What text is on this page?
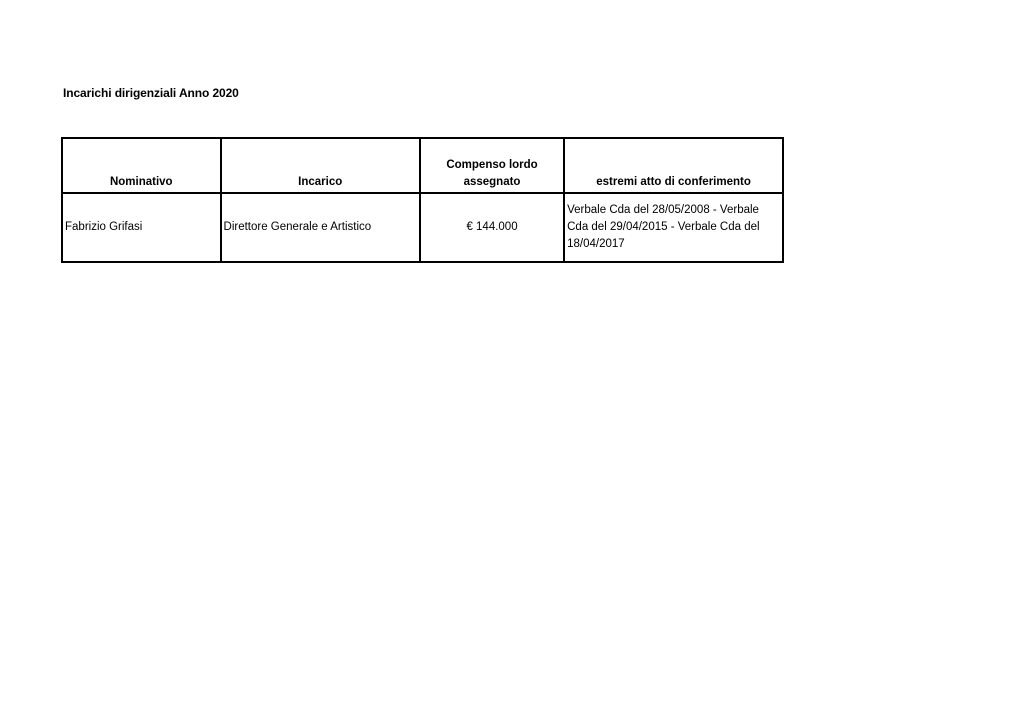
Incarichi dirigenziali Anno 2020
Nominativo	Incarico	Compenso lordo assegnato	estremi atto di conferimento
Fabrizio Grifasi	Direttore Generale e Artistico	€ 144.000	Verbale Cda del 28/05/2008 - Verbale Cda del 29/04/2015 - Verbale Cda del 18/04/2017
